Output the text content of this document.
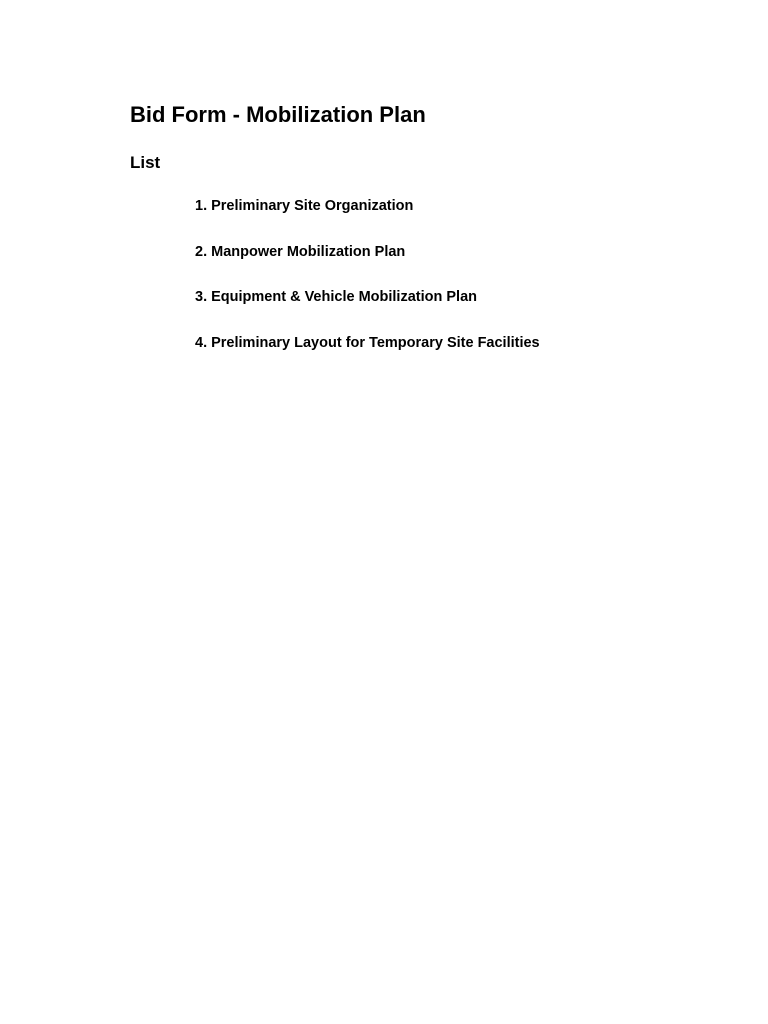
Bid Form - Mobilization Plan
List
1. Preliminary Site Organization
2. Manpower Mobilization Plan
3. Equipment & Vehicle Mobilization Plan
4. Preliminary Layout for Temporary Site Facilities
